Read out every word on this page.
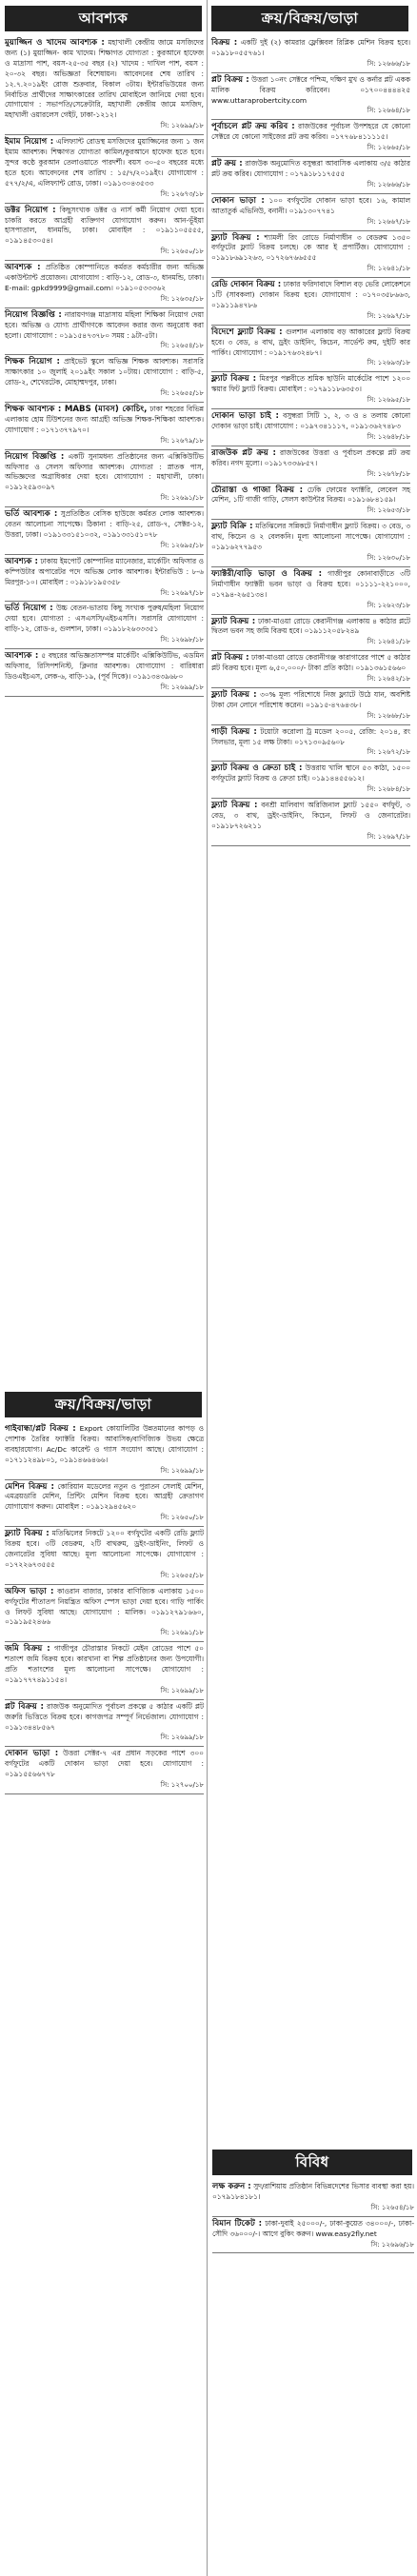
আবশ্যক

মুয়াজ্জিন ও খাদেম আবশ্যক : মহাখালী কেন্দ্রীয় জামে মসজিদের জন্য (১) মুয়াজ্জিন- কাম খাদেম। শিক্ষাগত যোগ্যতা : কুরআনে হাফেজ ও মাদ্রাসা পাশ, বয়স-২৫-৩৫ বছর (২) খাদেম : দাখিল পাশ, বয়স : ২০-৩২ বছর। অভিজ্ঞতা বিশেষায়ন। আবেদনের শেষ তারিখ : ১২.৭.২০১৯ইং রোজ শুক্রবার, বিকাল ৩টায়। ইন্টারভিউয়ের জন্য নির্বাচিত প্রার্থীদের সাক্ষাৎকারের তারিখ মোবাইলে জানিয়ে দেয়া হবে। যোগাযোগ : সভাপতি/সেক্রেটারি, মহাখালী কেন্দ্রীয় জামে মসজিদ, মহাখালী ওয়ারলেস গেইট, ঢাকা-১২১২।
সি: ১২৬৯৯/১৮

ইমাম নিয়োগ : এলিফ্যান্ট রোডস্থ মসজিদের মুয়াজ্জিনের জন্য ১ জন ইমাম আবশ্যক। শিক্ষাগত যোগ্যতা কামিল/কুরআনে হাফেজ হতে হবে। সুন্দর কণ্ঠে কুরআন তেলাওয়াতে পারদর্শী। বয়স ৩০-৫০ বছরের মধ্যে হতে হবে। আবেদনের শেষ তারিখ : ১৫/৭/২০১৯ইং। যোগাযোগ : ৫৭৭/২/এ, এলিফ্যান্ট রোড, ঢাকা। ০১৯১৩০৪৩৫৩৩
সি: ১২৬৭৩/১৮

ডক্টর নিয়োগ : কিছুসংখ্যক ডক্টর ও নার্স কর্মী নিয়োগ দেয়া হবে। চাকরি করতে আগ্রহী ব্যক্তিগণ যোগাযোগ করুন। আন-ভূঁইয়া হাসপাতাল, ধানমন্ডি, ঢাকা। মোবাইল : ০১৯১১০৫৫৫৫, ০১৯১৪৫৩০৫৪।
সি: ১২৬৫০/১৮

আবশ্যক : প্রতিষ্ঠিত কোম্পানিতে কর্মরত কর্মচারীর জন্য অভিজ্ঞ একাউন্ট্যান্ট প্রয়োজন। যোগাযোগ : বাড়ি-১২, রোড-৩, ধানমন্ডি, ঢাকা। E-mail: gpkd9999@gmail.com। ০১৯১০৫৩৩৩৬২
সি: ১২৬৩৫/১৮

নিয়োগ বিজ্ঞপ্তি : নারায়ণগঞ্জ মাদ্রাসায় মহিলা শিক্ষিকা নিয়োগ দেয়া হবে। অভিজ্ঞ ও যোগ্য প্রার্থীগণকে আবেদন করার জন্য অনুরোধ করা হলো। যোগাযোগ : ০১৯১৫৪৭৩৭৮০ সময় : ৯টা-৫টা।
সি: ১২৬৫৪/১৮

শিক্ষক নিয়োগ : প্রাইভেট স্কুলে অভিজ্ঞ শিক্ষক আবশ্যক। সরাসরি সাক্ষাৎকার ১০ জুলাই ২০১৯ইং সকাল ১০টায়। যোগাযোগ : বাড়ি-৫, রোড-২, শেখেরটেক, মোহাম্মদপুর, ঢাকা।
সি: ১২৬৫৫/১৮

শিক্ষক আবশ্যক : MABS (মাবস) কোচিং, ঢাকা শহরের বিভিন্ন এলাকায় হোম টিউশনের জন্য আগ্রহী অভিজ্ঞ শিক্ষক-শিক্ষিকা আবশ্যক। যোগাযোগ : ০১৭১৩৭৭৯৭০।
সি: ১২৬৭৯/১৮

নিয়োগ বিজ্ঞপ্তি : একটি সুনামধন্য প্রতিষ্ঠানের জন্য এক্সিকিউটিভ অফিসার ও সেলস অফিসার আবশ্যক। যোগ্যতা : স্নাতক পাস, অভিজ্ঞদের অগ্রাধিকার দেয়া হবে। যোগাযোগ : মহাখালী, ঢাকা। ০১৯১২৫৯৩০৯৭
সি: ১২৬৯১/১৮

ভর্তি আবশ্যক : সুপ্রতিষ্ঠিত বেসিক হাউজে কর্মরত লোক আবশ্যক। বেতন আলোচনা সাপেক্ষে। ঠিকানা : বাড়ি-২৫, রোড-৭, সেক্টর-১২, উত্তরা, ঢাকা। ০১৯১৩৩১৫১০৩২, ০১৯১৩৩১৫১০৭৮
সি: ১২৬৯৫/১৮

আবশ্যক : ঢাকায় ইমপোর্ট কোম্পানির ম্যানেজার, মার্কেটিং অফিসার ও কম্পিউটার অপারেটর পদে অভিজ্ঞ লোক আবশ্যক। ইন্টারভিউ : ৮-৬ মিরপুর-১০। মোবাইল : ০১৯১৮১৯৫৩৫৮
সি: ১২৬৯৭/১৮

ভর্তি নিয়োগ : উচ্চ বেতন-ভাতায় কিছু সংখ্যক পুরুষ/মহিলা নিয়োগ দেয়া হবে। যোগ্যতা : এসএসসি/এইচএসসি। সরাসরি যোগাযোগ : বাড়ি-১২, রোড-৪, গুলশান, ঢাকা। ০১৯১৮২৬৩৩৩৫১
সি: ১২৬৯৮/১৮

আবশ্যক : ৫ বছরের অভিজ্ঞতাসম্পন্ন মার্কেটিং এক্সিকিউটিভ, এডমিন অফিসার, রিসিপশনিস্ট, ক্লিনার আবশ্যক। যোগাযোগ : বারিধারা ডিওএইচএস, লেক-৬, বাড়ি-১৯, (পূর্ব দিকে)। ০১৯১৩৪৩৯৬৮০
সি: ১২৬৯৯/১৮

ক্রয়/বিক্রয়/ভাড়া

গাইবান্ধা/প্লট বিক্রয় : Export কোয়ালিটির উন্নতমানের কাপড় ও পোশাক তৈরির ফ্যাক্টরি বিক্রয়। আবাসিক/বাণিজ্যিক উভয় ক্ষেত্রে ব্যবহারযোগ্য। Ac/Dc কারেন্ট ও গ্যাস সংযোগ আছে। যোগাযোগ : ০১৭১১২৪৯৮০১, ০১৯১৪৬৬৪৬৬।
সি: ১২৬৯৯/১৮

মেশিন বিক্রয় : কোরিয়ান মডেলের নতুন ও পুরাতন সেলাই মেশিন, এমব্রয়ডারি মেশিন, প্রিন্টিং মেশিন বিক্রয় হবে। আগ্রহী ক্রেতাগণ যোগাযোগ করুন। মোবাইল : ০১৯১২৯৪৫৬২০
সি: ১২৬৫০/১৮

ফ্ল্যাট বিক্রয় : মতিঝিলের নিকটে ১২০০ বর্গফুটের একটি রেডি ফ্ল্যাট বিক্রয় হবে। ৩টি বেডরুম, ২টি বাথরুম, ড্রইং-ডাইনিং, লিফট ও জেনারেটর সুবিধা আছে। মূল্য আলোচনা সাপেক্ষে। যোগাযোগ : ০১৭২২৬৭৩৫৫৫
সি: ১২৬৫৫/১৮

অফিস ভাড়া : কাওরান বাজার, ঢাকার বাণিজ্যিক এলাকায় ১৫০০ বর্গফুটের শীতাতপ নিয়ন্ত্রিত অফিস স্পেস ভাড়া দেয়া হবে। গাড়ি পার্কিং ও লিফট সুবিধা আছে। যোগাযোগ : মালিক। ০১৯১২৭৯১৬৬০, ০১৯১৯৫২৪৬৬
সি: ১২৬৯১/১৮

জমি বিক্রয় : গাজীপুর চৌরাস্তার নিকটে মেইন রোডের পাশে ৫০ শতাংশ জমি বিক্রয় হবে। কারখানা বা শিল্প প্রতিষ্ঠানের জন্য উপযোগী। প্রতি শতাংশের মূল্য আলোচনা সাপেক্ষে। যোগাযোগ : ০১৯১৭৭৭৪৯১১৫৪।
সি: ১২৬৯৯/১৮

প্লট বিক্রয় : রাজউক অনুমোদিত পূর্বাচল প্রকল্পে ৫ কাঠার একটি প্লট জরুরি ভিত্তিতে বিক্রয় হবে। কাগজপত্র সম্পূর্ণ নির্ভেজাল। যোগাযোগ : ০১৯১৩৪৪৮৫৬৭
সি: ১২৬৯৯/১৮

দোকান ভাড়া : উত্তরা সেক্টর-৭ এর প্রধান সড়কের পাশে ৩০০ বর্গফুটের একটি দোকান ভাড়া দেয়া হবে। যোগাযোগ : ০১৯১৫৫৬৬৭৭৮
সি: ১২৭০০/১৮

ক্রয়/বিক্রয়/ভাড়া

বিক্রয় : একটি দুই (২) কামরার ফ্লেক্সিবল রিপ্লিক মেশিন বিক্রয় হবে। ০১৯১৮০৫৫৭৬১।
সি: ১২৬৬৬/১৮

প্লট বিক্রয় : উত্তরা ১০নং সেক্টরে পশ্চিম, দক্ষিণ মুখ ও কর্নার প্লট একক মালিক বিক্রয় করিবেন। ০১৭০০৪৪৪৪২৫ www.uttaraprobertcity.com
সি: ১২৬৬৪/১৮

পূর্বাচলে প্লট ক্রয় করিব : রাজউকের পূর্বাচল উপশহরে যে কোনো সেক্টরে যে কোনো সাইজের প্লট ক্রয় করিব। ০১৭৭৬৮৪১১১১৫।
সি: ১২৬৬৫/১৮

প্লট ক্রয় : রাজউক অনুমোদিত বসুন্ধরা আবাসিক এলাকায় ৩/৫ কাঠার প্লট ক্রয় করিব। যোগাযোগ : ০১৭৯১৮১১৭৫৫৫
সি: ১২৬৬৬/১৮

দোকান ভাড়া : ১০০ বর্গফুটের দোকান ভাড়া হবে। ১৬, কামাল আতাতুর্ক এভিনিউ, বনানী। ০১৯১৩০৭৭৪১
সি: ১২৬৬৭/১৮

ফ্ল্যাট বিক্রয় : শ্যামলী রিং রোডে নির্মাণাধীন ৩ বেডরুম ১৩৫০ বর্গফুটের ফ্ল্যাট বিক্রয় চলছে। কে আর ই প্রপার্টিজ। যোগাযোগ : ০১৯১৮৬৯১২৬৩, ০১৭২৬৭৬৬৫৫৫
সি: ১২৬৪১/১৮

রেডি দোকান বিক্রয় : ঢাকার ফরিদাবাদে বিশাল বড় ভেরি লোকেশনে ১টি (সাবকলা) দোকান বিক্রয় হবে। যোগাযোগ : ০১৭০৩৫৮৬৬৩, ০১৯১১৯৪৭৮৬
সি: ১২৬৯৭/১৮

বিদেশে ফ্ল্যাট বিক্রয় : গুলশান এলাকায় বড় আকারের ফ্ল্যাট বিক্রয় হবে। ৩ বেড, ৪ বাথ, ড্রইং ডাইনিং, কিচেন, সার্ভেন্ট রুম, দুইটি কার পার্কিং। যোগাযোগ : ০১৯১৭৬৩২৪৮৭।
সি: ১২৬৯৩/১৮

ফ্ল্যাট বিক্রয় : মিরপুর পল্লবীতে শ্রমিক ছাউনি মার্কেটের পাশে ১২০০ স্কয়ার ফিট ফ্ল্যাট বিক্রয়। মোবাইল : ০১৭৯১১৮৬৩৫৩।
সি: ১২৬৯৫/১৮

দোকান ভাড়া চাই : বসুন্ধরা সিটি ১, ২, ৩ ও ৪ তলায় কোনো দোকান ভাড়া চাই। যোগাযোগ : ০১৯৭৩৪১১১৭, ০১৯১৩৬২৭৪৮৩
সি: ১২৬৪৮/১৮

রাজউক প্লট ক্রয় : রাজউকের উত্তরা ও পূর্বাচল প্রকল্পে প্লট ক্রয় করিব। নগদ মূল্যে। ০১৯১৭৩৩৬৮৫৭।
সি: ১২৬৭৮/১৮

চৌরাস্তা ও গাজা বিক্রয় : ঢেকি ফোমের ফ্যাক্টরি, লেবেল সহ মেশিন, ১টি গাজী গাড়ি, সেলস কাউন্টার বিক্রয়। ০১৯১৬৮৪১৫৯।
সি: ১২৬৫৩/১৮

ফ্ল্যাট বিক্রি : মতিঝিলের সন্নিকটে নির্মাণাধীন ফ্ল্যাট বিক্রয়। ৩ বেড, ৩ বাথ, কিচেন ও ২ বেলকনি। মূল্য আলোচনা সাপেক্ষে। যোগাযোগ : ০১৯১৬২৭৭৯৫৩
সি: ১২৬৩০/১৮

ফ্যাক্টরী/বাড়ি ভাড়া ও বিক্রয় : গাজীপুর কোনাবাড়ীতে ৩টি নির্মাণাধীন ফ্যাক্টরী ভবন ভাড়া ও বিক্রয় হবে। ০১১১১-২২১০০০, ০১৭৯৪-২৬৫১৩৪।
সি: ১২৬২৩/১৮

ফ্ল্যাট বিক্রয় : ঢাকা-মাওয়া রোডে কেরানীগঞ্জ এলাকায় ৪ কাঠার প্লটে দ্বিতল ভবন সহ জমি বিক্রয় হবে। ০১৯১১২০৫৮২৪৯
সি: ১২৬৪১/১৮

প্লট বিক্রয় : ঢাকা-মাওয়া রোডে কেরানীগঞ্জ কারাগারের পাশে ৫ কাঠার প্লট বিক্রয় হবে। মূল্য ৬,৫০,০০০/- টাকা প্রতি কাঠা। ০১৯১৩৬১৫৬৬০
সি: ১২৬৪২/১৮

ফ্ল্যাট বিক্রয় : ৩০% মূল্য পরিশোধে নিজ ফ্ল্যাটে উঠে যান, অবশিষ্ট টাকা যেন লোনে পরিশোধ করেন। ০১৯১৫-৪৭৬৪৩৮।
সি: ১২৬৬৮/১৮

গাড়ী বিক্রয় : টয়োটা করোলা ট্র মডেল ২০০৫, রেজি: ২০১৪, রং সিলভার, মূল্য ১৫ লক্ষ টাকা। ০১৭১৩০৯৫৬০৮
সি: ১২৬৭২/১৮

ফ্ল্যাট বিক্রয় ও ক্রেতা চাই : উত্তরায় খালি স্থানে ৫৩ কাঠা, ১৫০০ বর্গফুটের ফ্ল্যাট বিক্রয় ও ক্রেতা চাই। ০১৯১৪৪৫৫৬১২।
সি: ১২৬৮৪/১৮

ফ্ল্যাট বিক্রয় : বনশ্রী মালিবাগ অরিজিনাল ফ্ল্যাট ১৫৫০ বর্গফুট, ৩ বেড, ৩ বাথ, ড্রইং-ডাইনিং, কিচেন, লিফট ও জেনারেটর। ০১৯১৮৭২৬২১১
সি: ১২৬৯৭/১৮

বিবিধ

লক্ষ করুন : সুদ/রাশিয়ায় প্রতিষ্ঠান বিভিন্নদেশের ভিসার ব্যবস্থা করা হয়। ০১৭৯১৮৪১৮১।
সি: ১২৬৫৪/১৮

বিমান টিকেট : ঢাকা-দুবাই ২৫০০০/-, ঢাকা-কুয়েত ৩৪০০০/-, ঢাকা-সৌদি ৩৬০০০/-। আগে বুকিং করুন। www.easy2fly.net
সি: ১২৬৯৬/১৮
